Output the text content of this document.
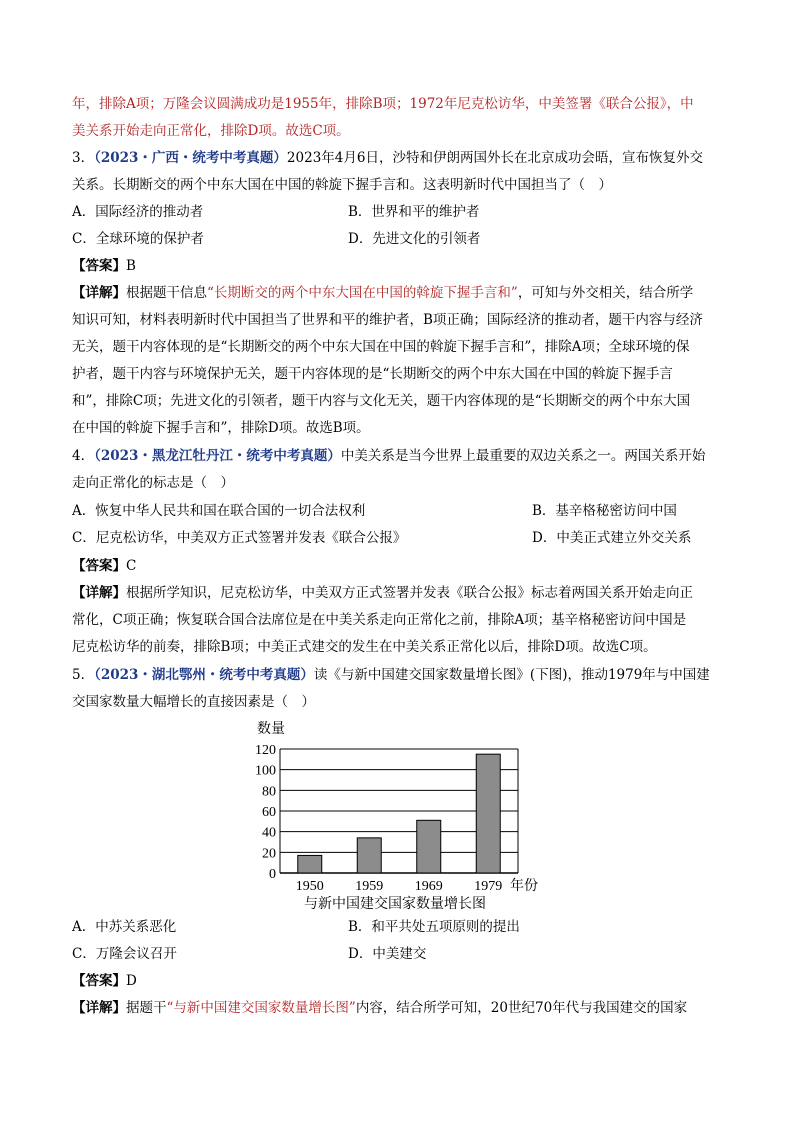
年，排除A项；万隆会议圆满成功是1955年，排除B项；1972年尼克松访华，中美签署《联合公报》，中
美关系开始走向正常化，排除D项。故选C项。
3．（2023・广西・统考中考真题）2023年4月6日，沙特和伊朗两国外长在北京成功会晤，宣布恢复外交
关系。长期断交的两个中东大国在中国的斡旋下握手言和。这表明新时代中国担当了（　）
A．国际经济的推动者	B．世界和平的维护者
C．全球环境的保护者	D．先进文化的引领者
【答案】B
【详解】根据题干信息“长期断交的两个中东大国在中国的斡旋下握手言和”，可知与外交相关，结合所学
知识可知，材料表明新时代中国担当了世界和平的维护者，B项正确；国际经济的推动者，题干内容与经济
无关，题干内容体现的是“长期断交的两个中东大国在中国的斡旋下握手言和”，排除A项；全球环境的保
护者，题干内容与环境保护无关，题干内容体现的是“长期断交的两个中东大国在中国的斡旋下握手言
和”，排除C项；先进文化的引领者，题干内容与文化无关，题干内容体现的是“长期断交的两个中东大国
在中国的斡旋下握手言和”，排除D项。故选B项。
4．（2023・黑龙江牡丹江・统考中考真题）中美关系是当今世界上最重要的双边关系之一。两国关系开始
走向正常化的标志是（　）
A．恢复中华人民共和国在联合国的一切合法权利	B．基辛格秘密访问中国
C．尼克松访华，中美双方正式签署并发表《联合公报》	D．中美正式建立外交关系
【答案】C
【详解】根据所学知识，尼克松访华，中美双方正式签署并发表《联合公报》标志着两国关系开始走向正
常化，C项正确；恢复联合国合法席位是在中美关系走向正常化之前，排除A项；基辛格秘密访问中国是
尼克松访华的前奏，排除B项；中美正式建交的发生在中美关系正常化以后，排除D项。故选C项。
5．（2023・湖北鄂州・统考中考真题）读《与新中国建交国家数量增长图》(下图)，推动1979年与中国建
交国家数量大幅增长的直接因素是（　）
数量
0
20
40
60
80
100
120
1950 1959 1969 1979 年份
与新中国建交国家数量增长图
A．中苏关系恶化	B．和平共处五项原则的提出
C．万隆会议召开	D．中美建交
【答案】D
【详解】据题干“与新中国建交国家数量增长图”内容，结合所学可知，20世纪70年代与我国建交的国家
